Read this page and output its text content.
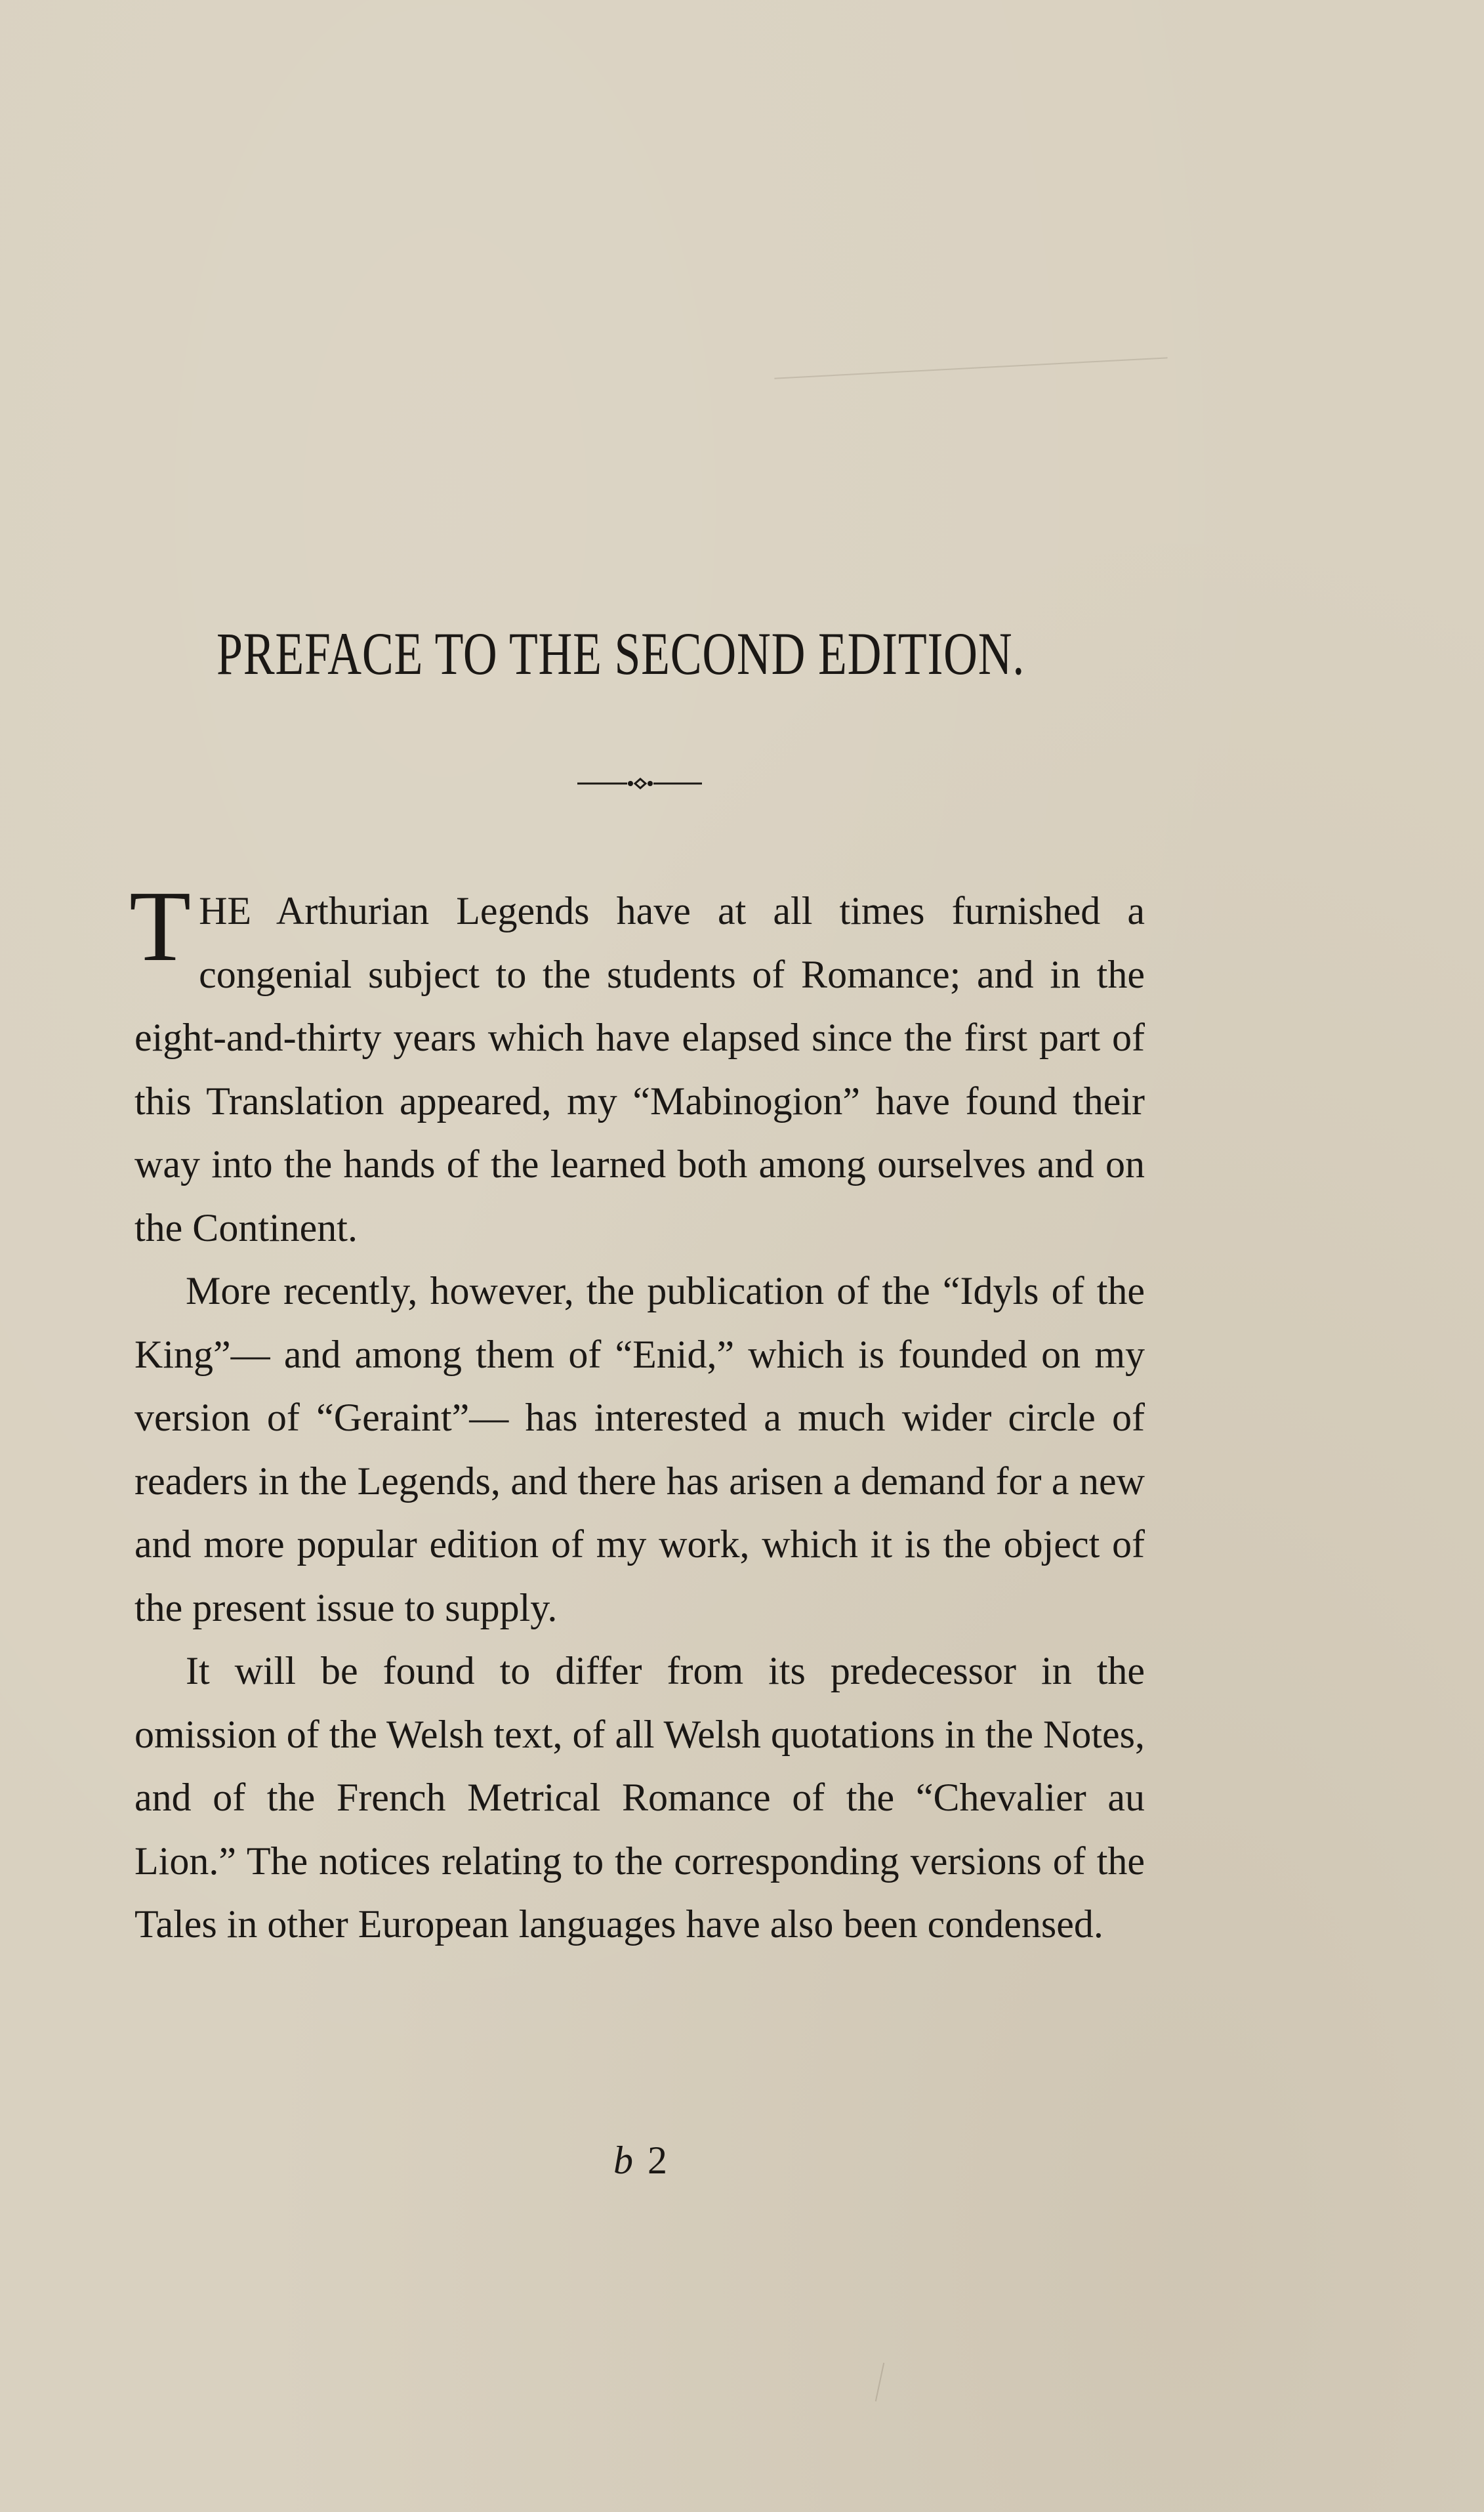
PREFACE TO THE SECOND EDITION.

THE Arthurian Legends have at all times furnished a congenial subject to the students of Romance; and in the eight-and-thirty years which have elapsed since the first part of this Translation appeared, my “Mabinogion” have found their way into the hands of the learned both among ourselves and on the Continent.

More recently, however, the publication of the “Idyls of the King”— and among them of “Enid,” which is founded on my version of “Geraint”— has interested a much wider circle of readers in the Legends, and there has arisen a demand for a new and more popular edition of my work, which it is the object of the present issue to supply.

It will be found to differ from its predecessor in the omission of the Welsh text, of all Welsh quotations in the Notes, and of the French Metrical Romance of the “Chevalier au Lion.” The notices relating to the corresponding versions of the Tales in other European languages have also been condensed.

b 2
